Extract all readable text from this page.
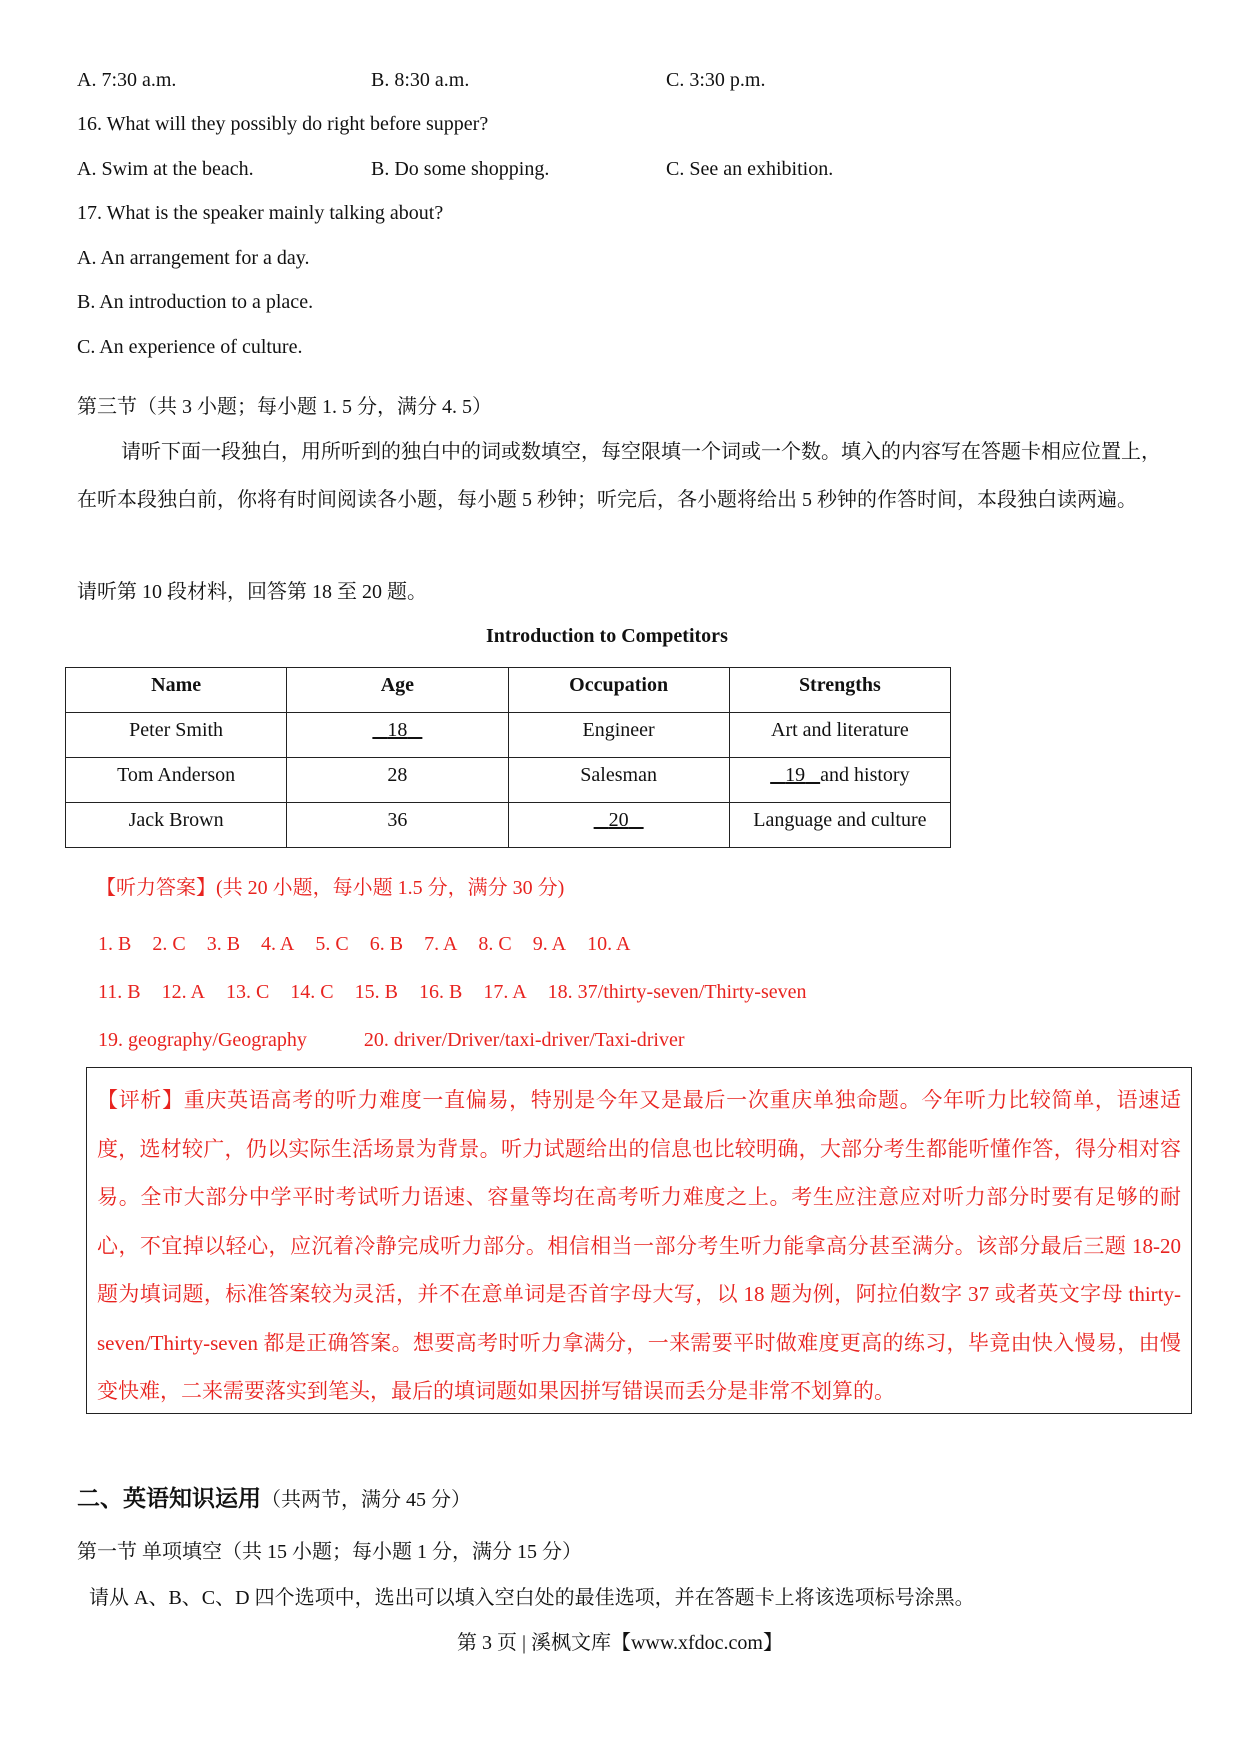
A. 7:30 a.m.	B. 8:30 a.m.	C. 3:30 p.m.
16. What will they possibly do right before supper?
A. Swim at the beach.	B. Do some shopping.	C. See an exhibition.
17. What is the speaker mainly talking about?
A. An arrangement for a day.
B. An introduction to a place.
C. An experience of culture.
第三节（共 3 小题；每小题 1. 5 分，满分 4. 5）
请听下面一段独白，用所听到的独白中的词或数填空，每空限填一个词或一个数。填入的内容写在答题卡相应位置上，在听本段独白前，你将有时间阅读各小题，每小题 5 秒钟；听完后，各小题将给出 5 秒钟的作答时间，本段独白读两遍。
请听第 10 段材料，回答第 18 至 20 题。
Introduction to Competitors
Name	Age	Occupation	Strengths
Peter Smith	18	Engineer	Art and literature
Tom Anderson	28	Salesman	19 and history
Jack Brown	36	20	Language and culture
【听力答案】(共 20 小题，每小题 1.5 分，满分 30 分)
1. B 2. C 3. B 4. A 5. C 6. B 7. A 8. C 9. A 10. A
11. B 12. A 13. C 14. C 15. B 16. B 17. A 18. 37/thirty-seven/Thirty-seven
19. geography/Geography	20. driver/Driver/taxi-driver/Taxi-driver

【评析】重庆英语高考的听力难度一直偏易，特别是今年又是最后一次重庆单独命题。今年听力比较简单，语速适度，选材较广，仍以实际生活场景为背景。听力试题给出的信息也比较明确，大部分考生都能听懂作答，得分相对容易。全市大部分中学平时考试听力语速、容量等均在高考听力难度之上。考生应注意应对听力部分时要有足够的耐心，不宜掉以轻心，应沉着冷静完成听力部分。相信相当一部分考生听力能拿高分甚至满分。该部分最后三题 18-20 题为填词题，标准答案较为灵活，并不在意单词是否首字母大写，以 18 题为例，阿拉伯数字 37 或者英文字母 thirty-seven/Thirty-seven 都是正确答案。想要高考时听力拿满分，一来需要平时做难度更高的练习，毕竟由快入慢易，由慢变快难，二来需要落实到笔头，最后的填词题如果因拼写错误而丢分是非常不划算的。

二、英语知识运用（共两节，满分 45 分）
第一节 单项填空（共 15 小题；每小题 1 分，满分 15 分）
请从 A、B、C、D 四个选项中，选出可以填入空白处的最佳选项，并在答题卡上将该选项标号涂黑。
第 3 页 | 溪枫文库【www.xfdoc.com】
